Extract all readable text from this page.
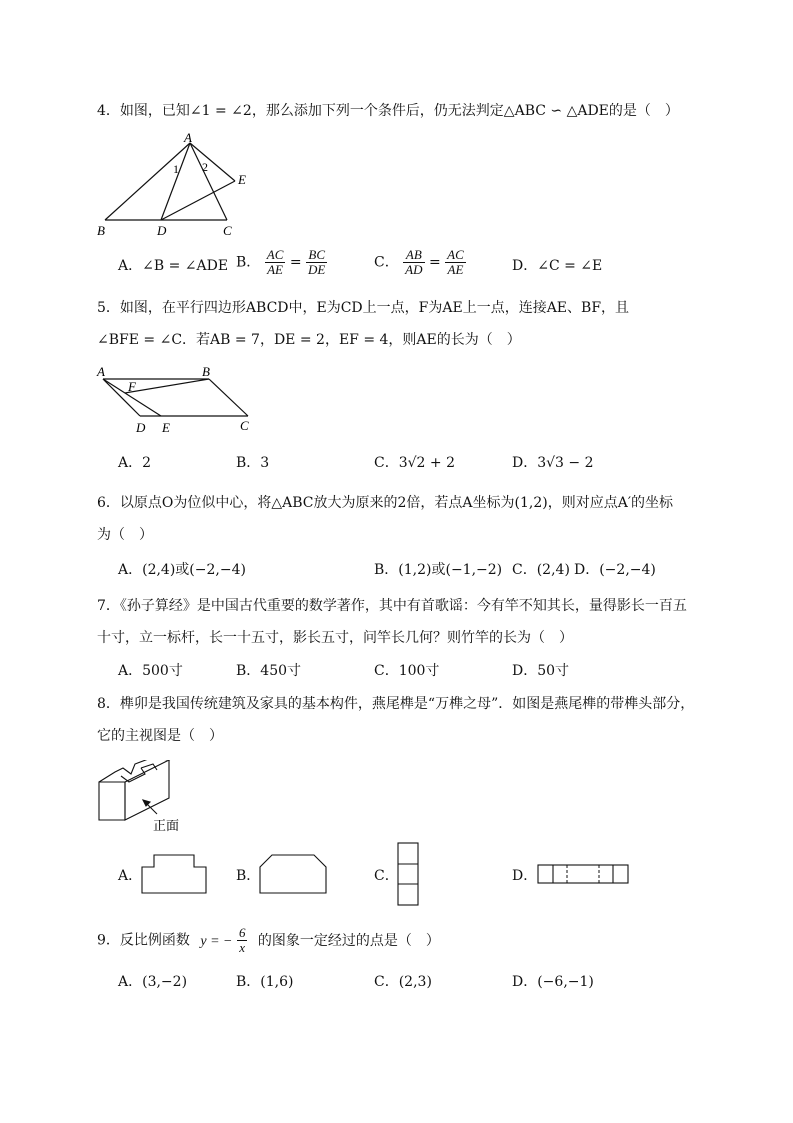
4．如图，已知∠1 = ∠2，那么添加下列一个条件后，仍无法判定△ABC ∽ △ADE的是（　）
A
B	D	C
E
1 2
A．∠B = ∠ADE B． $\frac{AC}{AE} = \frac{BC}{DE}$	C． $\frac{AB}{AD} = \frac{AC}{AE}$	D．∠C = ∠E
5．如图，在平行四边形ABCD中，E为CD上一点，F为AE上一点，连接AE、BF，且
∠BFE = ∠C．若AB = 7，DE = 2，EF = 4，则AE的长为（　）
A	B
F
D E	C
A．2	B．3	C．3√2 + 2	D．3√3 − 2
6．以原点O为位似中心，将△ABC放大为原来的2倍，若点A坐标为(1,2)，则对应点A′的坐标
为（　）
A．(2,4)或(−2,−4)	B．(1,2)或(−1,−2) C．(2,4) D．(−2,−4)
7．《孙子算经》是中国古代重要的数学著作，其中有首歌谣：今有竿不知其长，量得影长一百五
十寸，立一标杆，长一十五寸，影长五寸，问竿长几何？则竹竿的长为（　）
A．500寸	B．450寸	C．100寸	D．50寸
8．榫卯是我国传统建筑及家具的基本构件，燕尾榫是“万榫之母”．如图是燕尾榫的带榫头部分，
它的主视图是（　）
正面
A．	B．	C．	D．
9．反比例函数 y = − $\frac{6}{x}$ 的图象一定经过的点是（　）
A．(3,−2)	B．(1,6)	C．(2,3)	D．(−6,−1)
